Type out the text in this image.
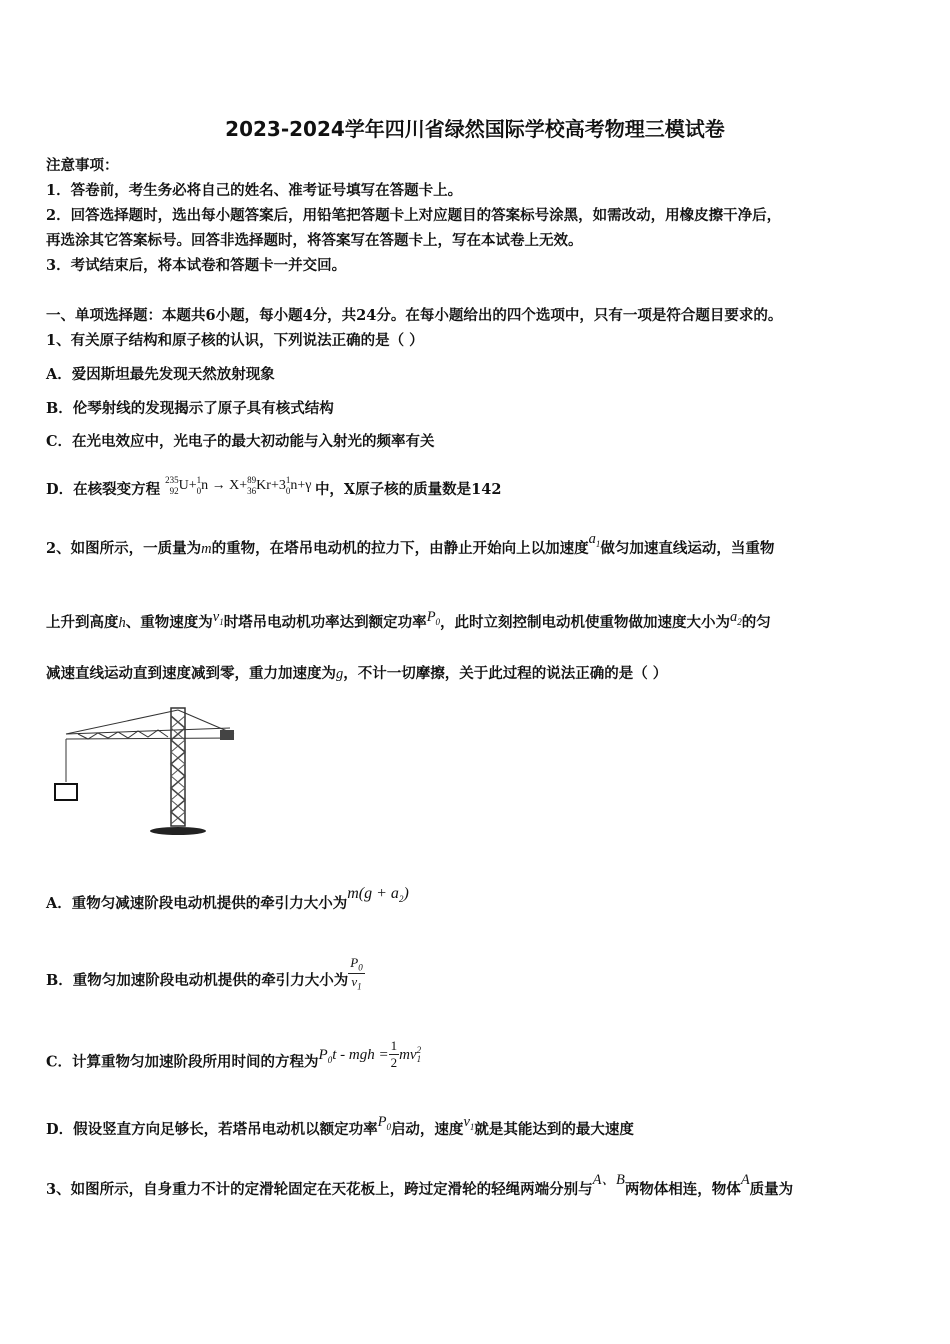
2023-2024学年四川省绿然国际学校高考物理三模试卷
注意事项：
1．答卷前，考生务必将自己的姓名、准考证号填写在答题卡上。
2．回答选择题时，选出每小题答案后，用铅笔把答题卡上对应题目的答案标号涂黑，如需改动，用橡皮擦干净后，
再选涂其它答案标号。回答非选择题时，将答案写在答题卡上，写在本试卷上无效。
3．考试结束后，将本试卷和答题卡一并交回。
一、单项选择题：本题共6小题，每小题4分，共24分。在每小题给出的四个选项中，只有一项是符合题目要求的。
1、有关原子结构和原子核的认识，下列说法正确的是（ ）
A．爱因斯坦最先发现天然放射现象
B．伦琴射线的发现揭示了原子具有核式结构
C．在光电效应中，光电子的最大初动能与入射光的频率有关
D．在核裂变方程 235
92U+1
0n → X+89
36Kr+31
0n+γ 中，X原子核的质量数是142
2、如图所示，一质量为m的重物，在塔吊电动机的拉力下，由静止开始向上以加速度$a_1$做匀加速直线运动，当重物
上升到高度h、重物速度为$v_1$时塔吊电动机功率达到额定功率$P_0$，此时立刻控制电动机使重物做加速度大小为$a_2$的匀
减速直线运动直到速度减到零，重力加速度为g，不计一切摩擦，关于此过程的说法正确的是（ ）
A．重物匀减速阶段电动机提供的牵引力大小为$m(g + a_2)$
B．重物匀加速阶段电动机提供的牵引力大小为 $\frac{P_0}{v_1}$
C．计算重物匀加速阶段所用时间的方程为$P_0t$ - mgh = $\frac{1}{2} mv2$
1
D．假设竖直方向足够长，若塔吊电动机以额定功率$P_0$启动，速度$v_1$就是其能达到的最大速度
3、如图所示，自身重力不计的定滑轮固定在天花板上，跨过定滑轮的轻绳两端分别与A、B两物体相连，物体A质量为
